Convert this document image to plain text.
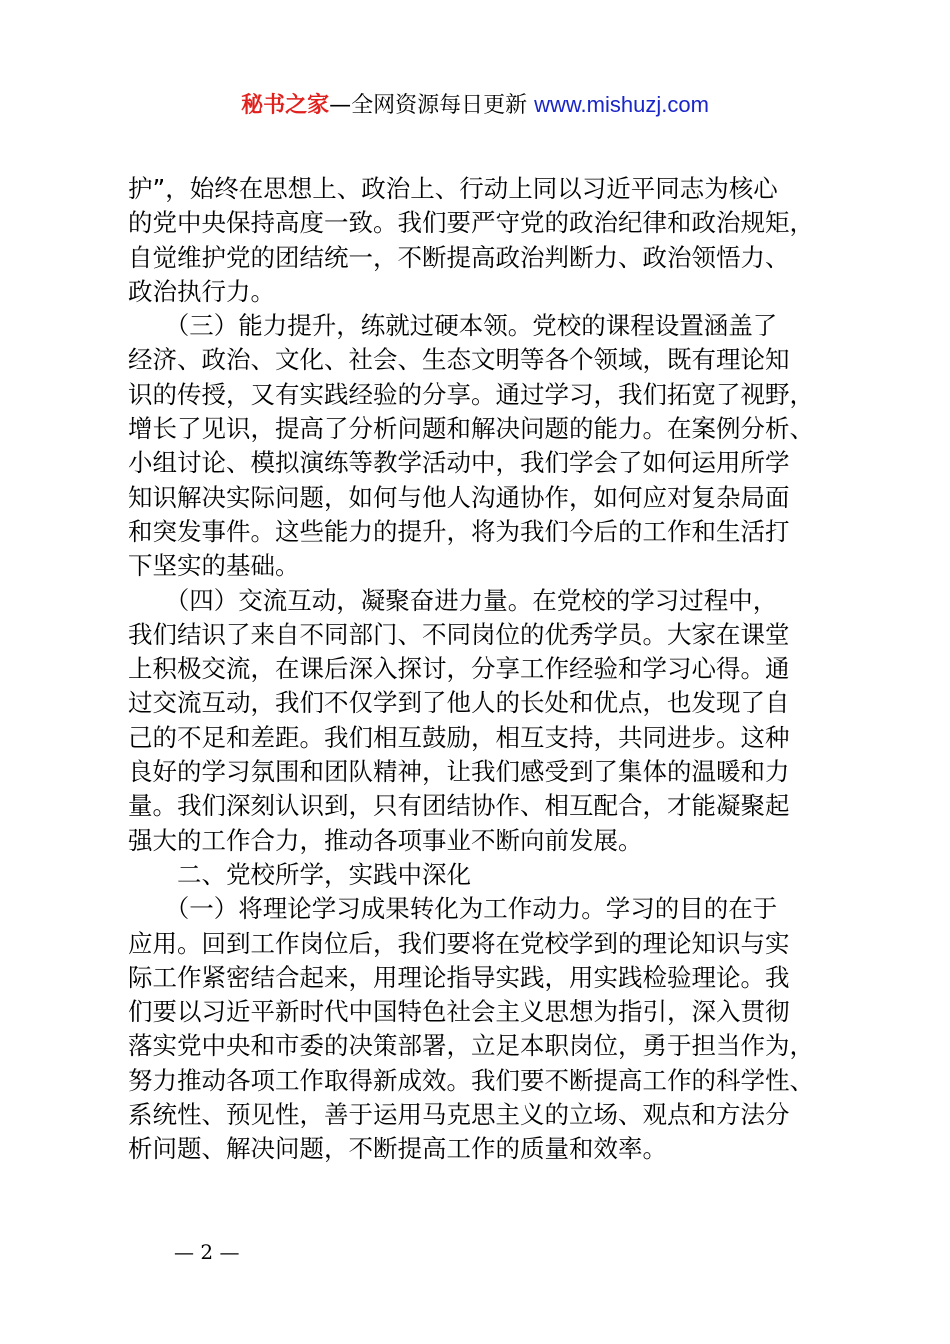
秘书之家—全网资源每日更新 www.mishuzj.com

护”，始终在思想上、政治上、行动上同以习近平同志为核心

的党中央保持高度一致。我们要严守党的政治纪律和政治规矩，

自觉维护党的团结统一，不断提高政治判断力、政治领悟力、

政治执行力。

　　（三）能力提升，练就过硬本领。党校的课程设置涵盖了

经济、政治、文化、社会、生态文明等各个领域，既有理论知

识的传授，又有实践经验的分享。通过学习，我们拓宽了视野，

增长了见识，提高了分析问题和解决问题的能力。在案例分析、

小组讨论、模拟演练等教学活动中，我们学会了如何运用所学

知识解决实际问题，如何与他人沟通协作，如何应对复杂局面

和突发事件。这些能力的提升，将为我们今后的工作和生活打

下坚实的基础。

　　（四）交流互动，凝聚奋进力量。在党校的学习过程中，

我们结识了来自不同部门、不同岗位的优秀学员。大家在课堂

上积极交流，在课后深入探讨，分享工作经验和学习心得。通

过交流互动，我们不仅学到了他人的长处和优点，也发现了自

己的不足和差距。我们相互鼓励，相互支持，共同进步。这种

良好的学习氛围和团队精神，让我们感受到了集体的温暖和力

量。我们深刻认识到，只有团结协作、相互配合，才能凝聚起

强大的工作合力，推动各项事业不断向前发展。

　　二、党校所学，实践中深化

　　（一）将理论学习成果转化为工作动力。学习的目的在于

应用。回到工作岗位后，我们要将在党校学到的理论知识与实

际工作紧密结合起来，用理论指导实践，用实践检验理论。我

们要以习近平新时代中国特色社会主义思想为指引，深入贯彻

落实党中央和市委的决策部署，立足本职岗位，勇于担当作为，

努力推动各项工作取得新成效。我们要不断提高工作的科学性、

系统性、预见性，善于运用马克思主义的立场、观点和方法分

析问题、解决问题，不断提高工作的质量和效率。

— 2 —
